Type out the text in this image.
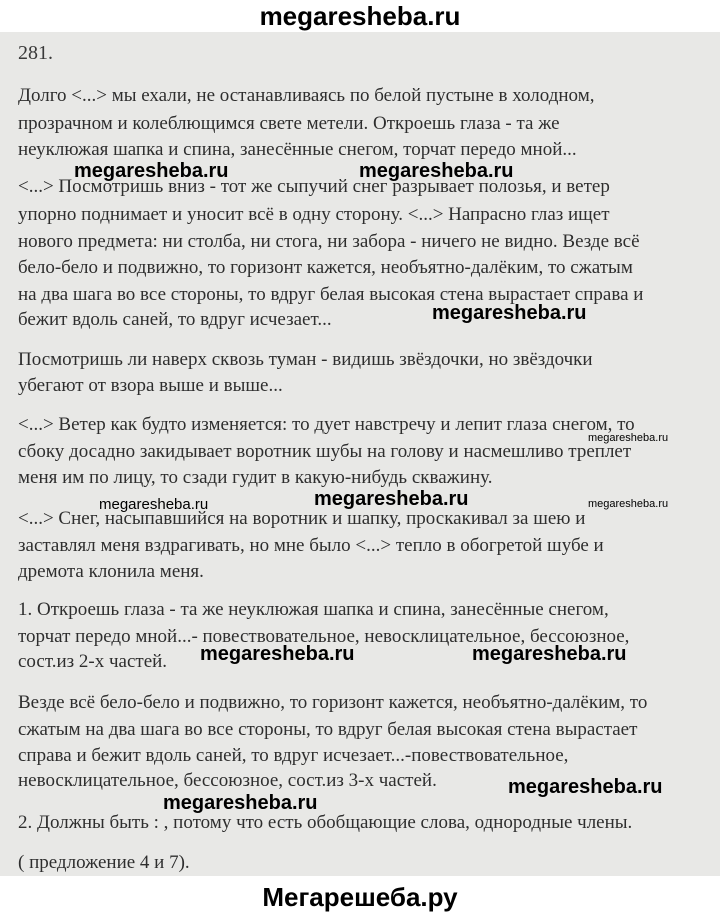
megaresheba.ru
281.
Долго <...> мы ехали, не останавливаясь по белой пустыне в холодном,
прозрачном и колеблющимся свете метели. Откроешь глаза - та же
неуклюжая шапка и спина, занесённые снегом, торчат передо мной...
<...> Посмотришь вниз - тот же сыпучий снег разрывает полозья, и ветер
упорно поднимает и уносит всё в одну сторону. <...> Напрасно глаз ищет
нового предмета: ни столба, ни стога, ни забора - ничего не видно. Везде всё
бело-бело и подвижно, то горизонт кажется, необъятно-далёким, то сжатым
на два шага во все стороны, то вдруг белая высокая стена вырастает справа и
бежит вдоль саней, то вдруг исчезает...
Посмотришь ли наверх сквозь туман - видишь звёздочки, но звёздочки
убегают от взора выше и выше...
<...> Ветер как будто изменяется: то дует навстречу и лепит глаза снегом, то
сбоку досадно закидывает воротник шубы на голову и насмешливо треплет
меня им по лицу, то сзади гудит в какую-нибудь скважину.
<...> Снег, насыпавшийся на воротник и шапку, проскакивал за шею и
заставлял меня вздрагивать, но мне было <...> тепло в обогретой шубе и
дремота клонила меня.
1. Откроешь глаза - та же неуклюжая шапка и спина, занесённые снегом,
торчат передо мной...- повествовательное, невосклицательное, бессоюзное,
сост.из 2-х частей.
Везде всё бело-бело и подвижно, то горизонт кажется, необъятно-далёким, то
сжатым на два шага во все стороны, то вдруг белая высокая стена вырастает
справа и бежит вдоль саней, то вдруг исчезает...-повествовательное,
невосклицательное, бессоюзное, сост.из 3-х частей.
2. Должны быть : , потому что есть обобщающие слова, однородные члены.
( предложение 4 и 7).
megaresheba.ru	megaresheba.ru
megaresheba.ru
megaresheba.ru
megaresheba.ru	megaresheba.ru	megaresheba.ru
megaresheba.ru	megaresheba.ru
megaresheba.ru
megaresheba.ru
Мегарешеба.ру
